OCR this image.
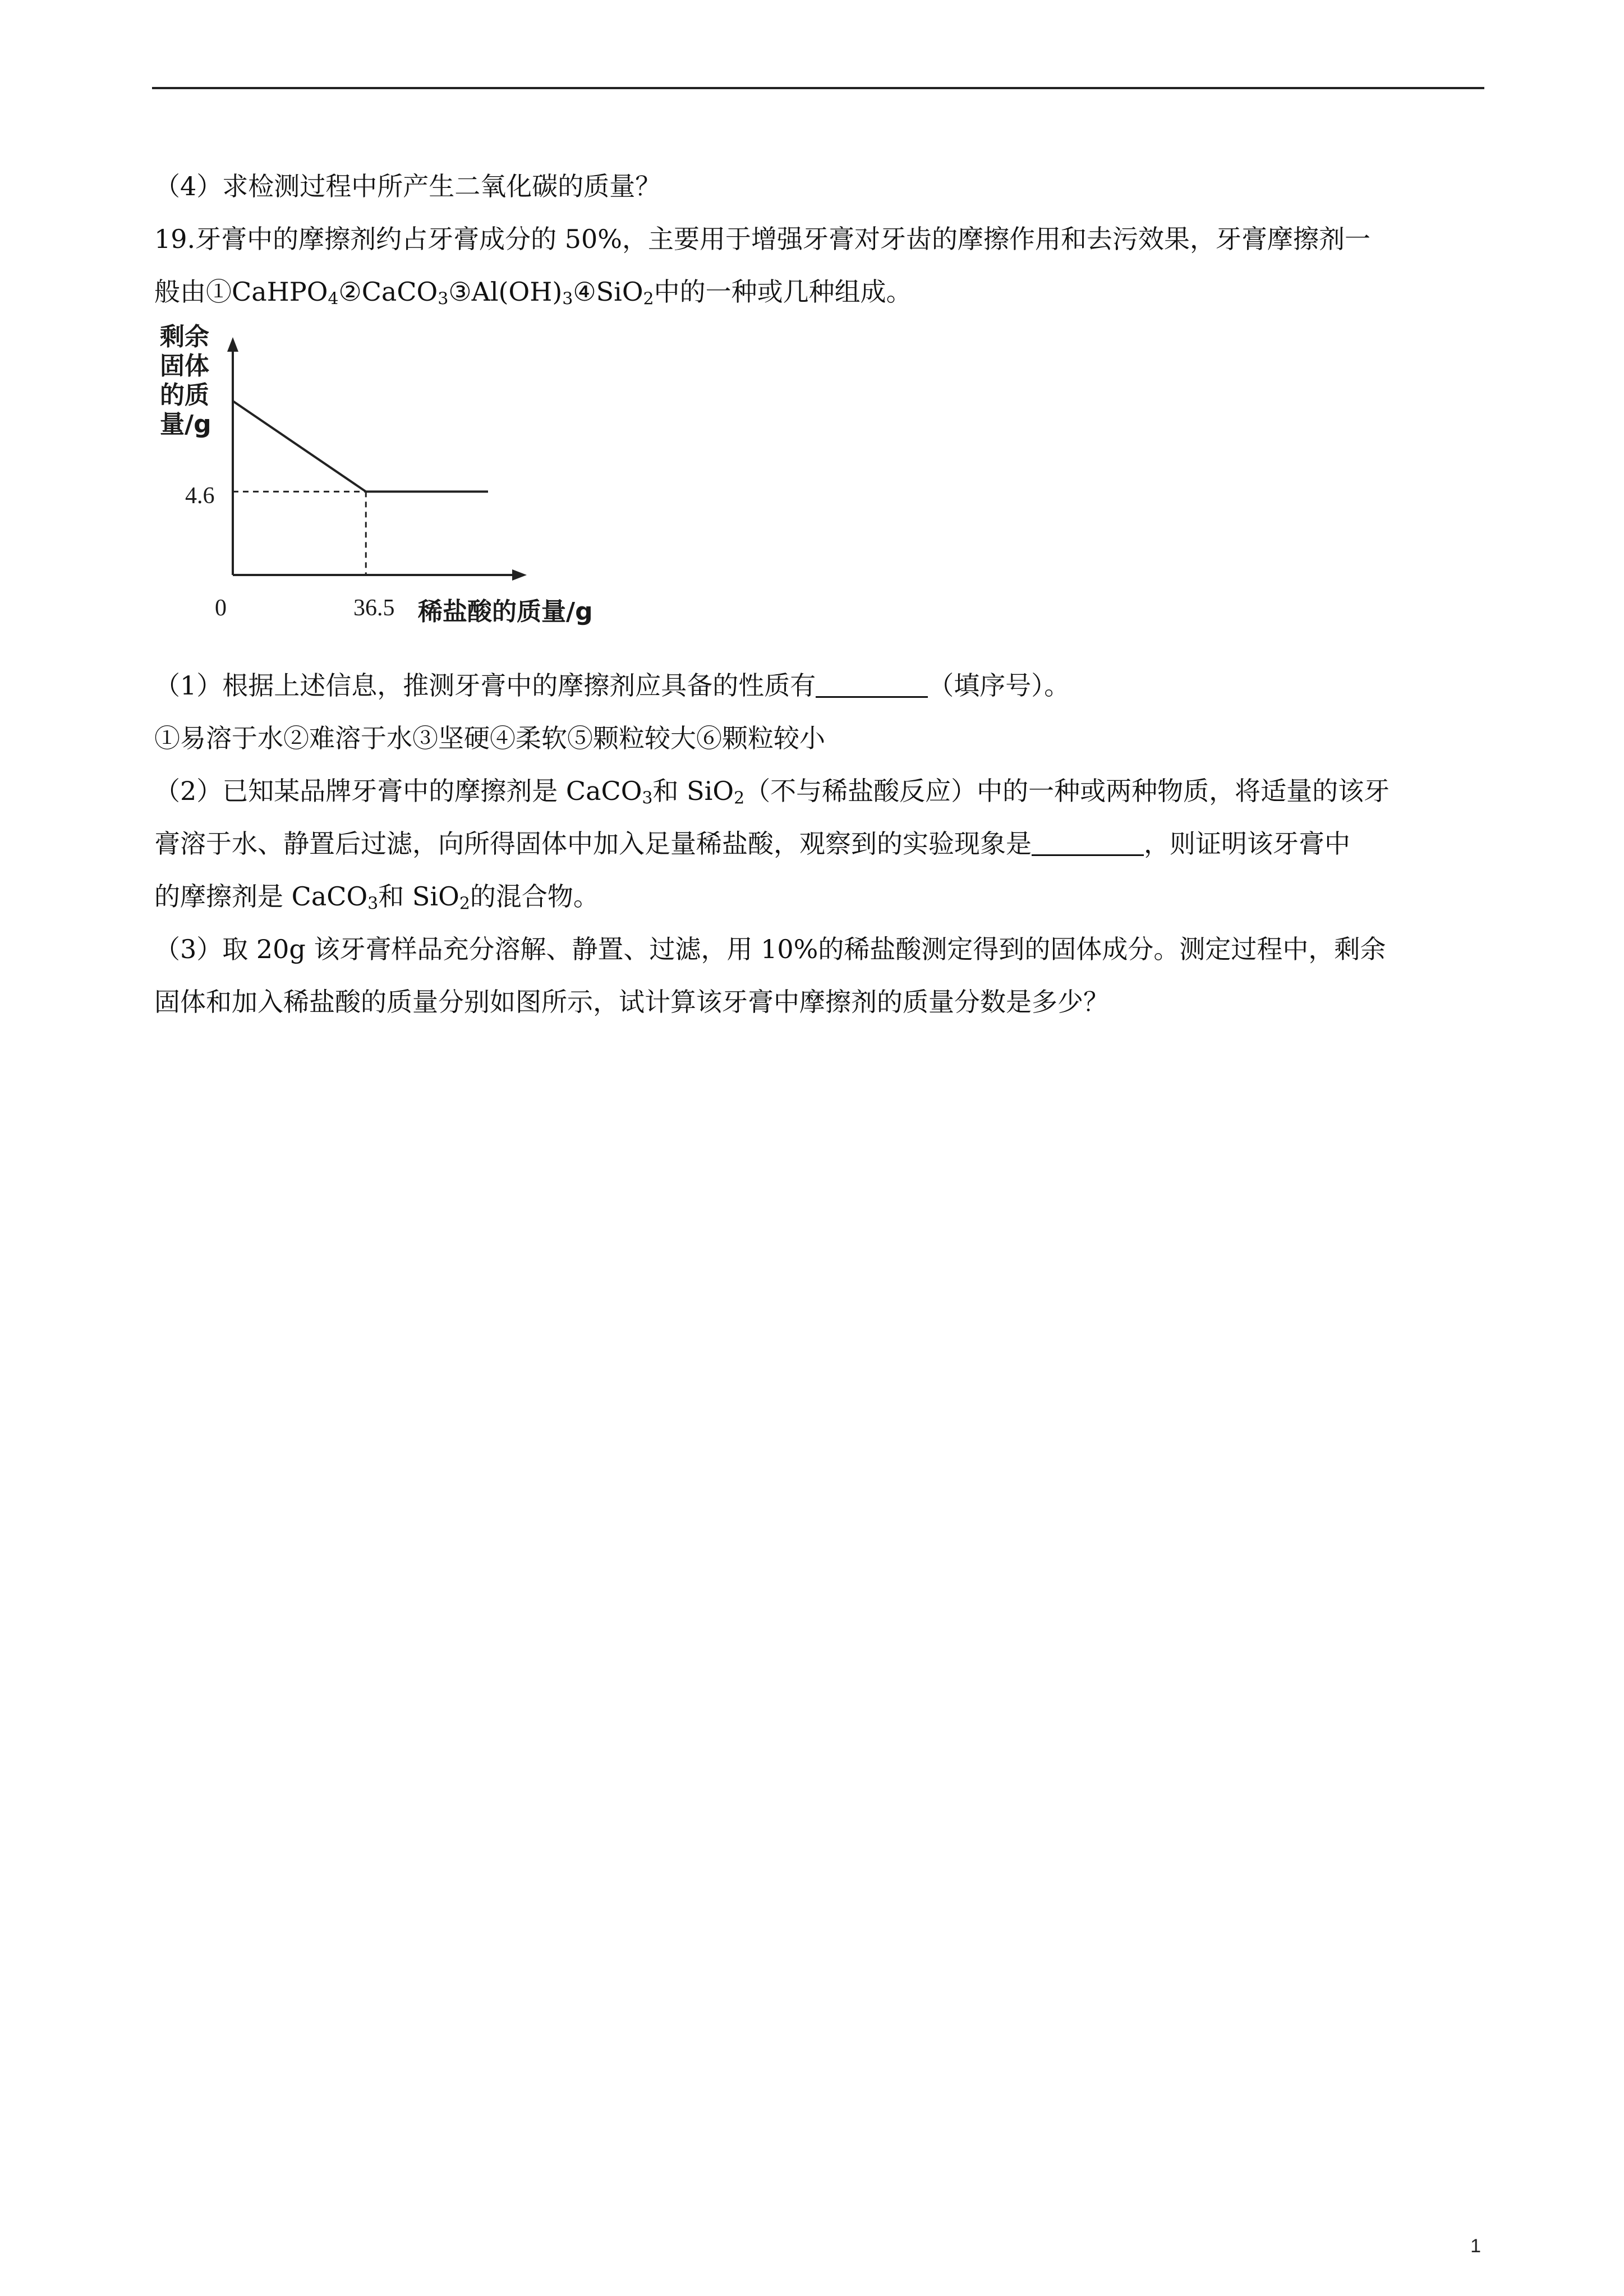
（4）求检测过程中所产生二氧化碳的质量？
19.牙膏中的摩擦剂约占牙膏成分的 50%，主要用于增强牙膏对牙齿的摩擦作用和去污效果，牙膏摩擦剂一
般由$①CaHPO_4②CaCO_3③Al(OH)_3④SiO_2$中的一种或几种组成。
剩余
固体
的质
量/g
4.6
0	36.5 稀盐酸的质量/g
（1）根据上述信息，推测牙膏中的摩擦剂应具备的性质有	（填序号）。
①易溶于水②难溶于水③坚硬④柔软⑤颗粒较大⑥颗粒较小
（2）已知某品牌牙膏中的摩擦剂是 CaCO$_3$和 SiO$_2$（不与稀盐酸反应）中的一种或两种物质，将适量的该牙
膏溶于水、静置后过滤，向所得固体中加入足量稀盐酸，观察到的实验现象是	，则证明该牙膏中
的摩擦剂是 CaCO$_3$和 SiO$_2$的混合物。
（3）取 20g 该牙膏样品充分溶解、静置、过滤，用 10%的稀盐酸测定得到的固体成分。测定过程中，剩余
固体和加入稀盐酸的质量分别如图所示，试计算该牙膏中摩擦剂的质量分数是多少？
1
